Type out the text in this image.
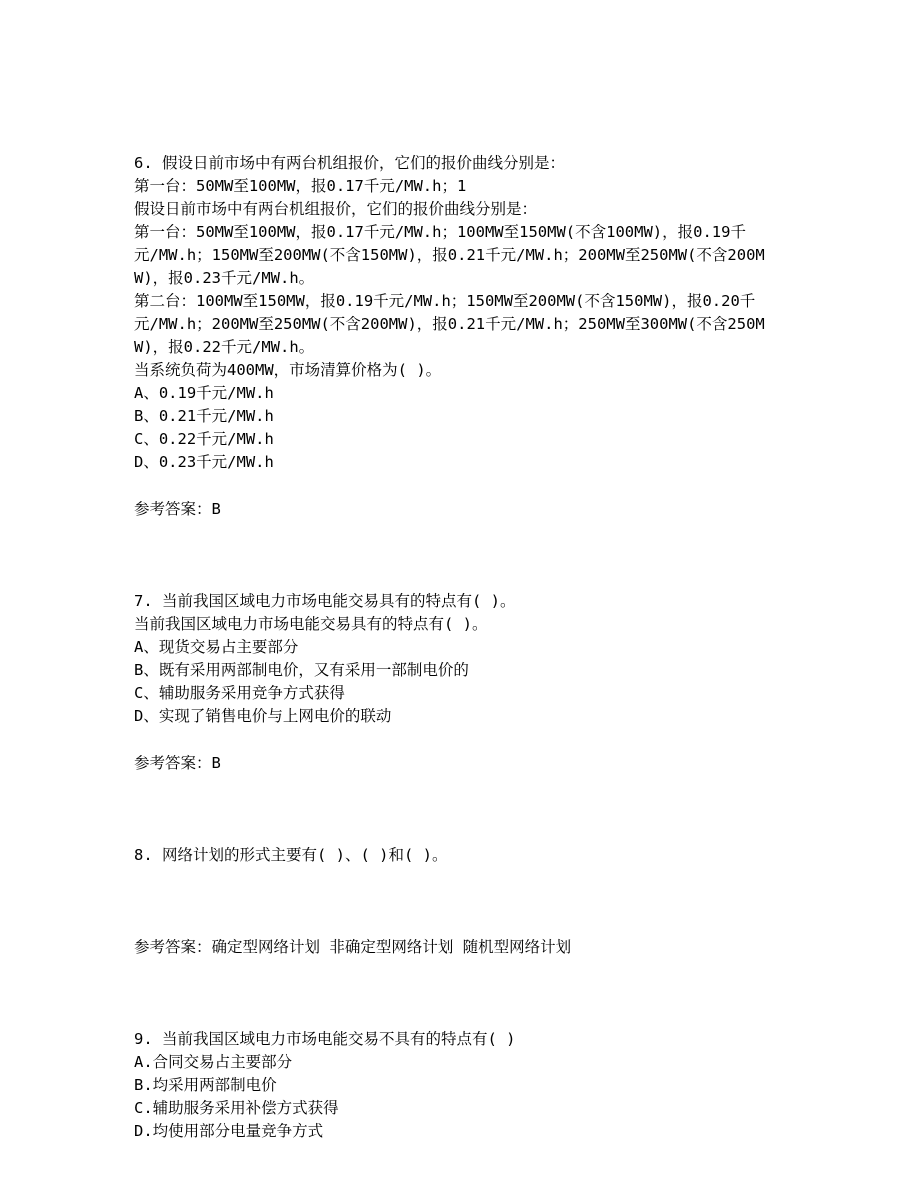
6. 假设日前市场中有两台机组报价，它们的报价曲线分别是：
第一台：50MW至100MW，报0.17千元/MW.h；1
假设日前市场中有两台机组报价，它们的报价曲线分别是：
第一台：50MW至100MW，报0.17千元/MW.h；100MW至150MW(不含100MW)，报0.19千
元/MW.h；150MW至200MW(不含150MW)，报0.21千元/MW.h；200MW至250MW(不含200M
W)，报0.23千元/MW.h。
第二台：100MW至150MW，报0.19千元/MW.h；150MW至200MW(不含150MW)，报0.20千
元/MW.h；200MW至250MW(不含200MW)，报0.21千元/MW.h；250MW至300MW(不含250M
W)，报0.22千元/MW.h。
当系统负荷为400MW，市场清算价格为( )。
A、0.19千元/MW.h
B、0.21千元/MW.h
C、0.22千元/MW.h
D、0.23千元/MW.h
参考答案：B
7. 当前我国区域电力市场电能交易具有的特点有( )。
当前我国区域电力市场电能交易具有的特点有( )。
A、现货交易占主要部分
B、既有采用两部制电价，又有采用一部制电价的
C、辅助服务采用竞争方式获得
D、实现了销售电价与上网电价的联动
参考答案：B
8. 网络计划的形式主要有( )、( )和( )。
参考答案：确定型网络计划 非确定型网络计划 随机型网络计划
9. 当前我国区域电力市场电能交易不具有的特点有( )
A.合同交易占主要部分
B.均采用两部制电价
C.辅助服务采用补偿方式获得
D.均使用部分电量竞争方式
